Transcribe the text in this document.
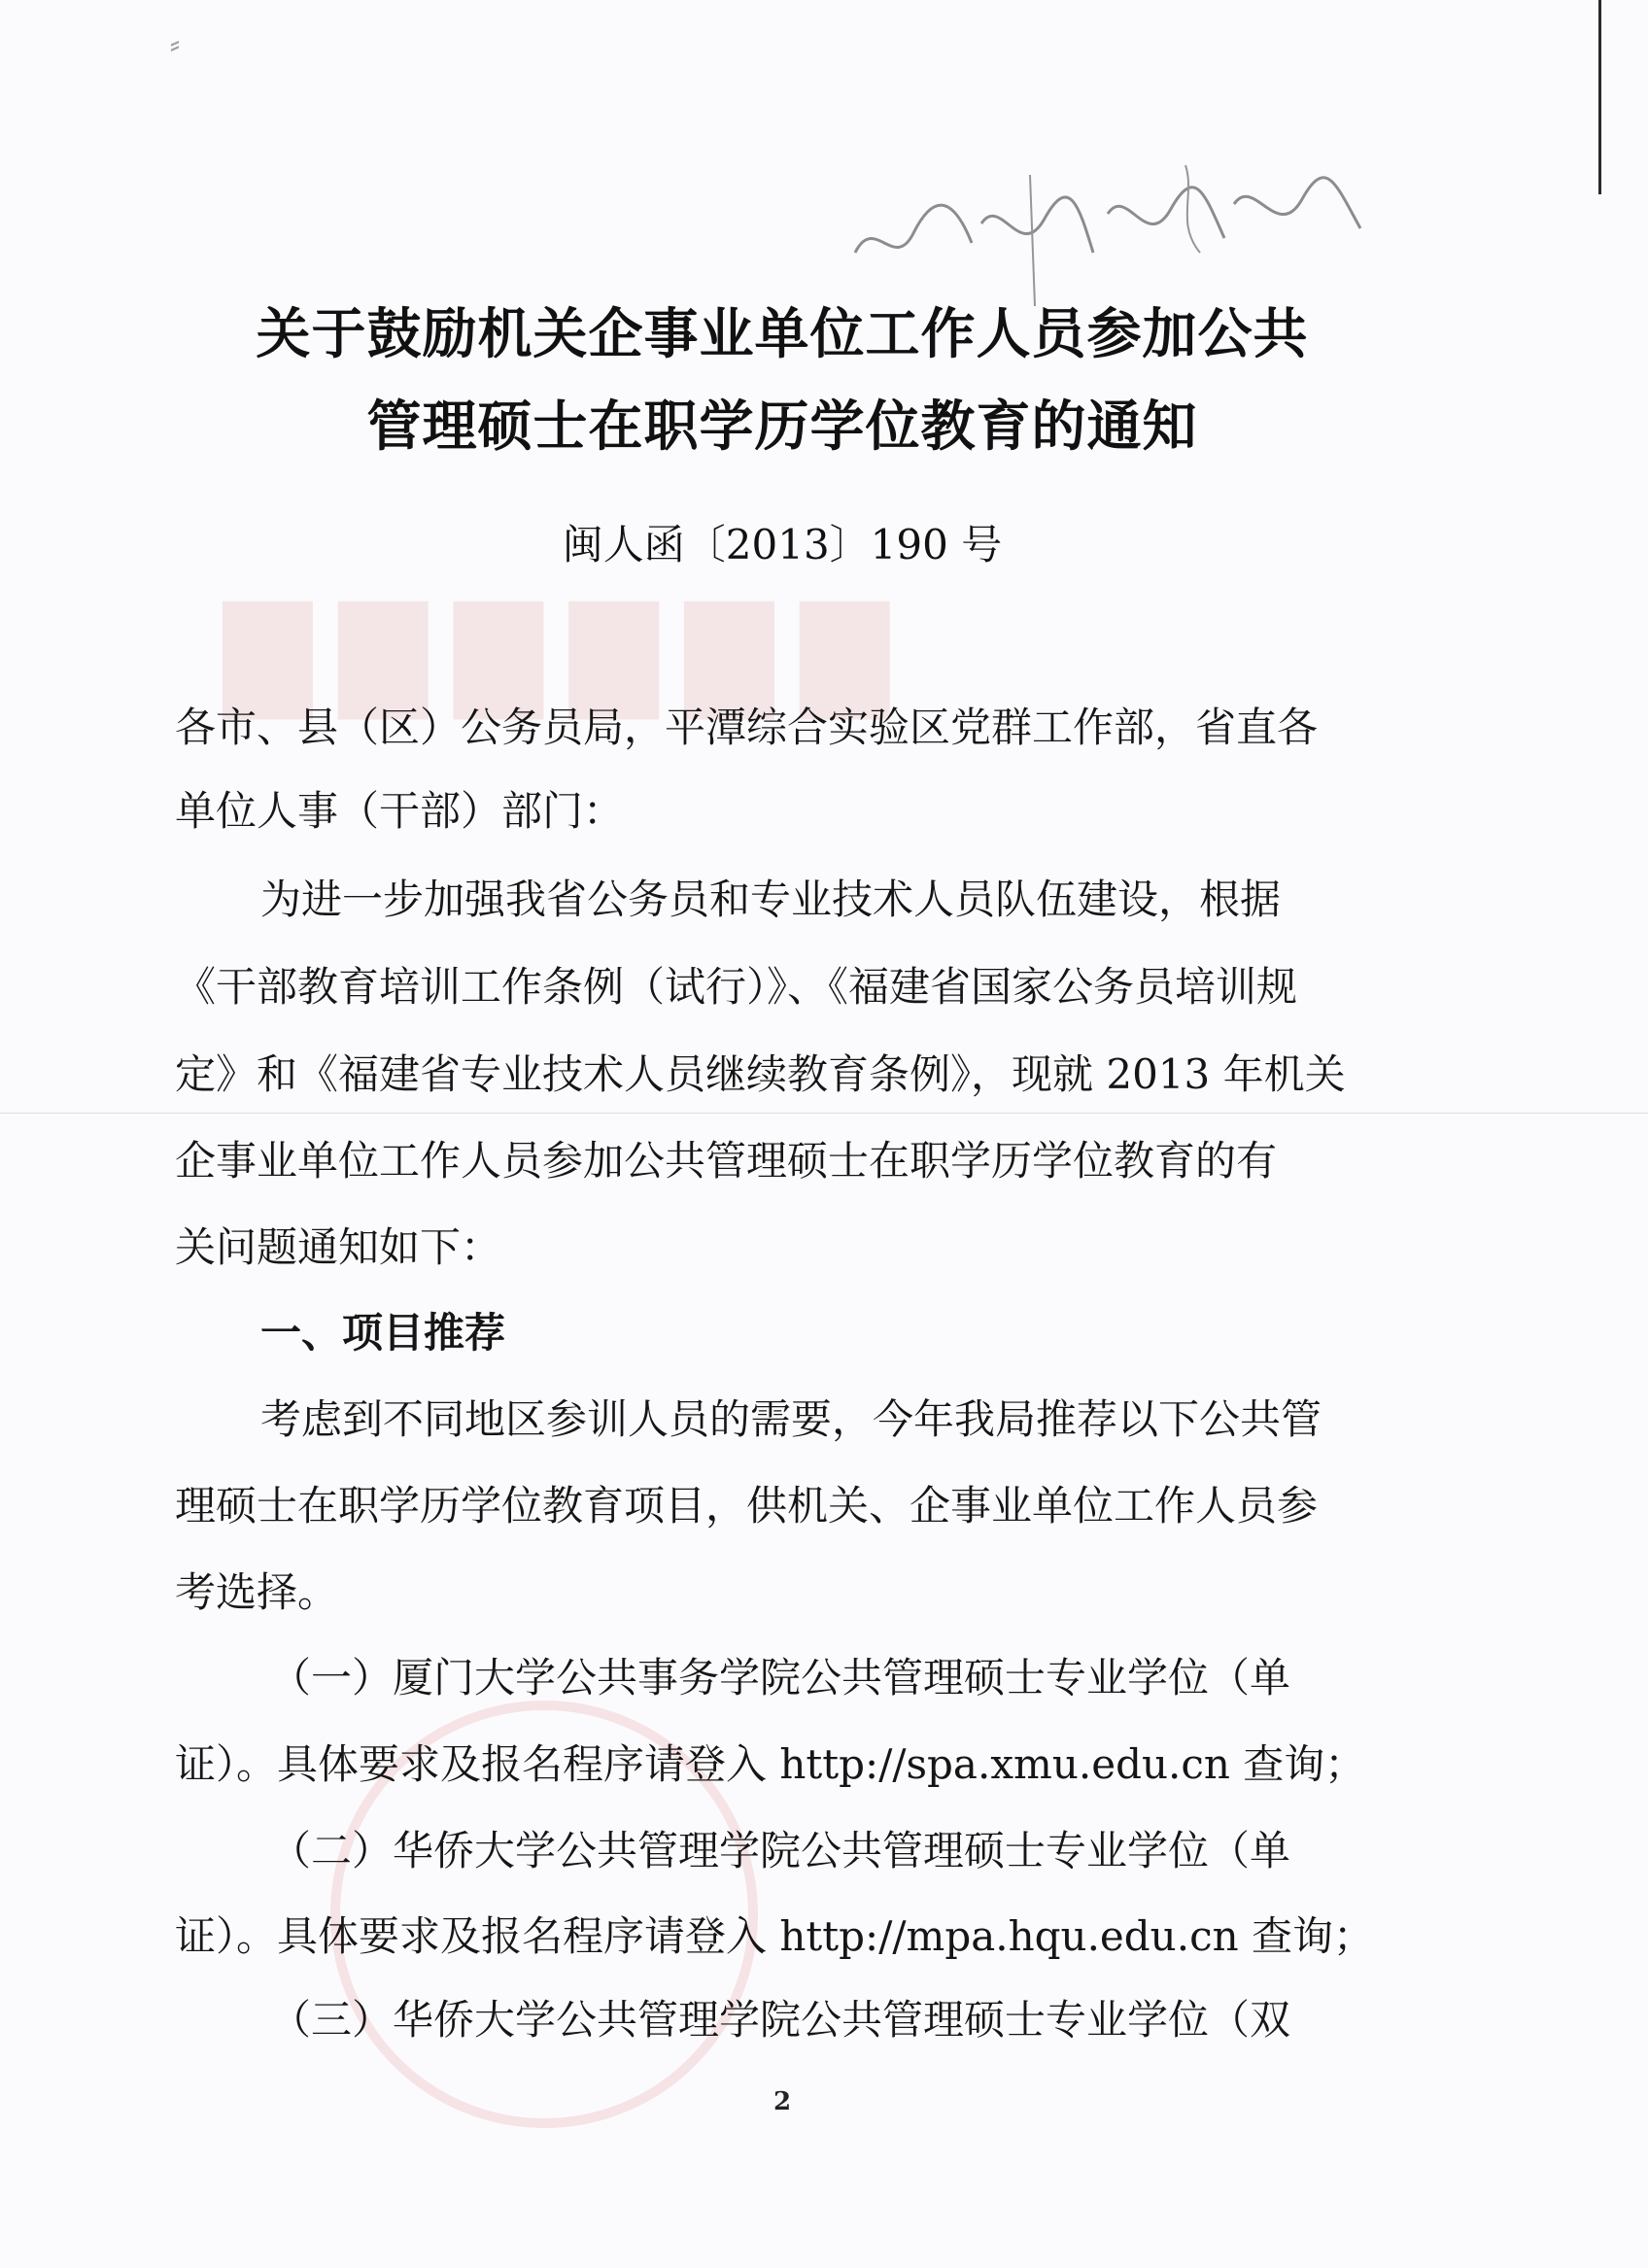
⸗
▇▇▇▇▇▇
关于鼓励机关企事业单位工作人员参加公共
管理硕士在职学历学位教育的通知
闽人函〔2013〕190 号
各市、县（区）公务员局，平潭综合实验区党群工作部，省直各
单位人事（干部）部门：
为进一步加强我省公务员和专业技术人员队伍建设，根据
《干部教育培训工作条例（试行）》、《福建省国家公务员培训规
定》和《福建省专业技术人员继续教育条例》，现就 2013 年机关
企事业单位工作人员参加公共管理硕士在职学历学位教育的有
关问题通知如下：
一、项目推荐
考虑到不同地区参训人员的需要，今年我局推荐以下公共管
理硕士在职学历学位教育项目，供机关、企事业单位工作人员参
考选择。
（一）厦门大学公共事务学院公共管理硕士专业学位（单
证）。具体要求及报名程序请登入 http://spa.xmu.edu.cn 查询；
（二）华侨大学公共管理学院公共管理硕士专业学位（单
证）。具体要求及报名程序请登入 http://mpa.hqu.edu.cn 查询；
（三）华侨大学公共管理学院公共管理硕士专业学位（双
2
